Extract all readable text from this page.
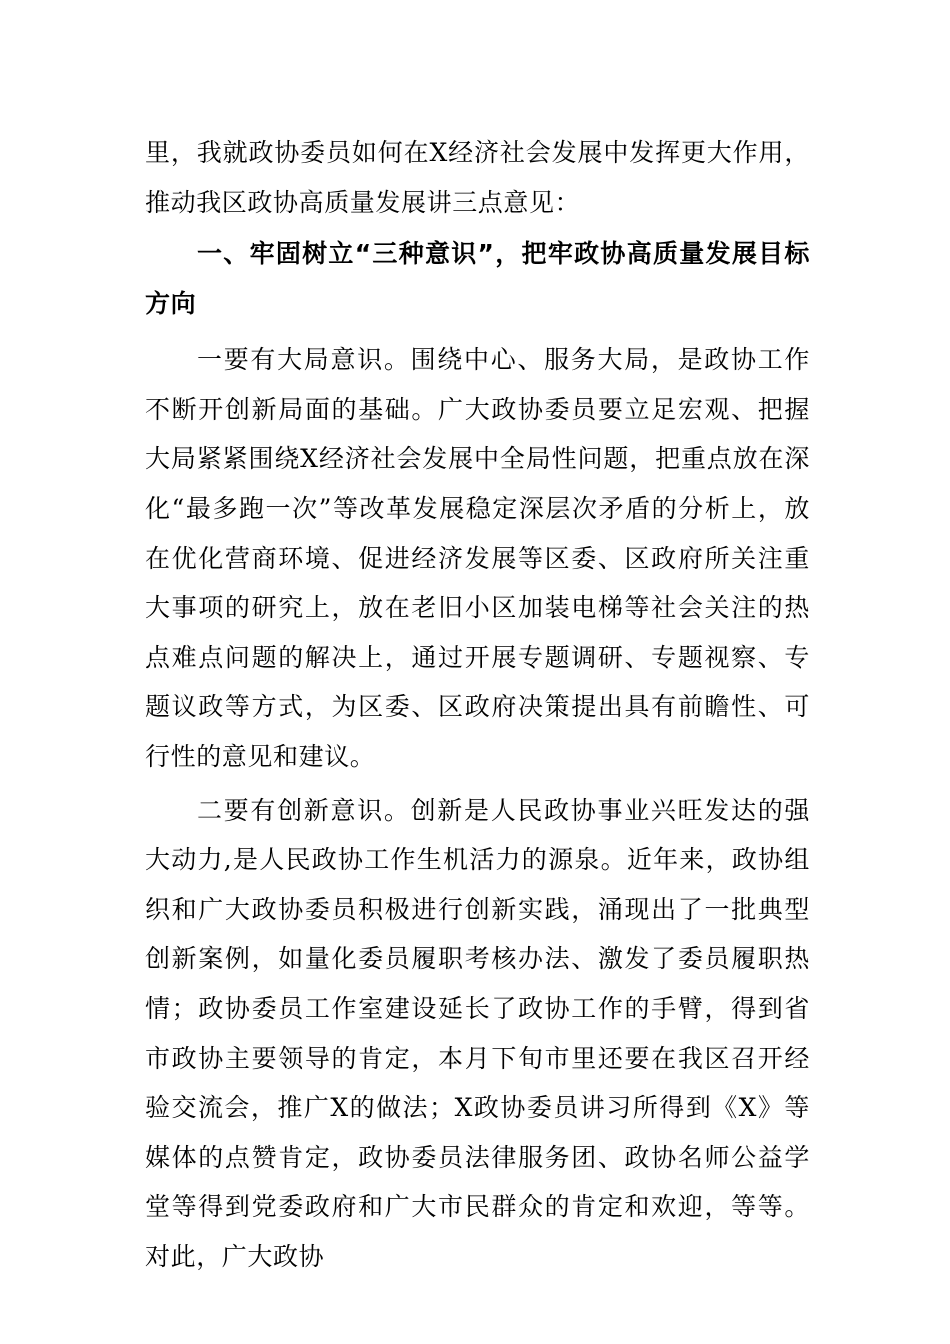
里，我就政协委员如何在X经济社会发展中发挥更大作用，推动我区政协高质量发展讲三点意见：

一、牢固树立“三种意识”，把牢政协高质量发展目标方向

一要有大局意识。围绕中心、服务大局，是政协工作不断开创新局面的基础。广大政协委员要立足宏观、把握大局紧紧围绕X经济社会发展中全局性问题，把重点放在深化“最多跑一次”等改革发展稳定深层次矛盾的分析上，放在优化营商环境、促进经济发展等区委、区政府所关注重大事项的研究上，放在老旧小区加装电梯等社会关注的热点难点问题的解决上，通过开展专题调研、专题视察、专题议政等方式，为区委、区政府决策提出具有前瞻性、可行性的意见和建议。

二要有创新意识。创新是人民政协事业兴旺发达的强大动力,是人民政协工作生机活力的源泉。近年来，政协组织和广大政协委员积极进行创新实践，涌现出了一批典型创新案例，如量化委员履职考核办法、激发了委员履职热情；政协委员工作室建设延长了政协工作的手臂，得到省市政协主要领导的肯定，本月下旬市里还要在我区召开经验交流会，推广X的做法；X政协委员讲习所得到《X》等媒体的点赞肯定，政协委员法律服务团、政协名师公益学堂等得到党委政府和广大市民群众的肯定和欢迎，等等。对此，广大政协
